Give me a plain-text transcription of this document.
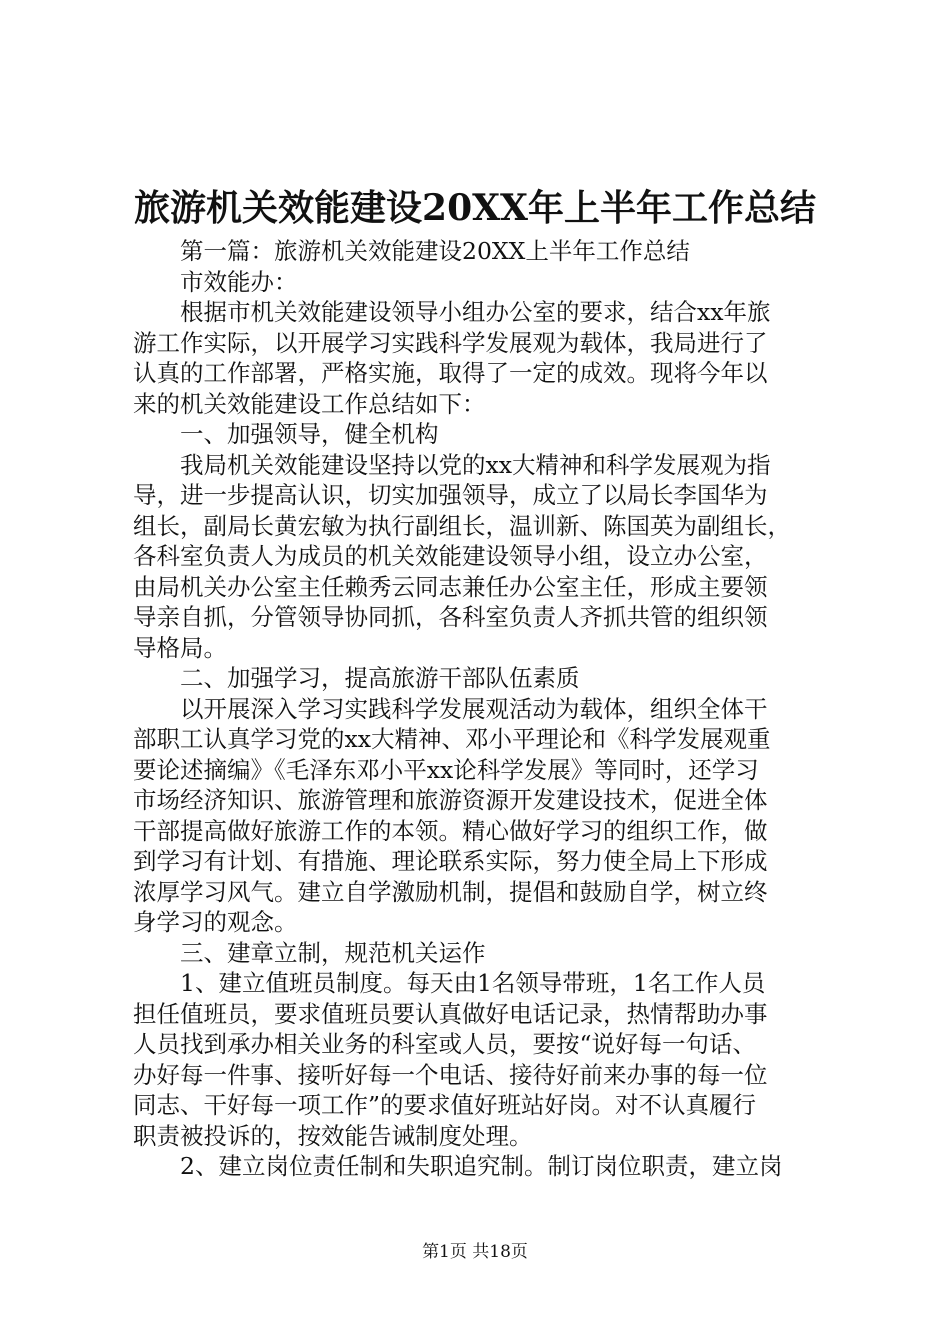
旅游机关效能建设20XX年上半年工作总结
第一篇：旅游机关效能建设20XX上半年工作总结
市效能办：
根据市机关效能建设领导小组办公室的要求，结合xx年旅
游工作实际，以开展学习实践科学发展观为载体，我局进行了
认真的工作部署，严格实施，取得了一定的成效。现将今年以
来的机关效能建设工作总结如下：
一、加强领导，健全机构
我局机关效能建设坚持以党的xx大精神和科学发展观为指
导，进一步提高认识，切实加强领导，成立了以局长李国华为
组长，副局长黄宏敏为执行副组长，温训新、陈国英为副组长，
各科室负责人为成员的机关效能建设领导小组，设立办公室，
由局机关办公室主任赖秀云同志兼任办公室主任，形成主要领
导亲自抓，分管领导协同抓，各科室负责人齐抓共管的组织领
导格局。
二、加强学习，提高旅游干部队伍素质
以开展深入学习实践科学发展观活动为载体，组织全体干
部职工认真学习党的xx大精神、邓小平理论和《科学发展观重
要论述摘编》《毛泽东邓小平xx论科学发展》等同时，还学习
市场经济知识、旅游管理和旅游资源开发建设技术，促进全体
干部提高做好旅游工作的本领。精心做好学习的组织工作，做
到学习有计划、有措施、理论联系实际，努力使全局上下形成
浓厚学习风气。建立自学激励机制，提倡和鼓励自学，树立终
身学习的观念。
三、建章立制，规范机关运作
1、建立值班员制度。每天由1名领导带班，1名工作人员
担任值班员，要求值班员要认真做好电话记录，热情帮助办事
人员找到承办相关业务的科室或人员，要按“说好每一句话、
办好每一件事、接听好每一个电话、接待好前来办事的每一位
同志、干好每一项工作”的要求值好班站好岗。对不认真履行
职责被投诉的，按效能告诫制度处理。
2、建立岗位责任制和失职追究制。制订岗位职责，建立岗
第1页 共18页
